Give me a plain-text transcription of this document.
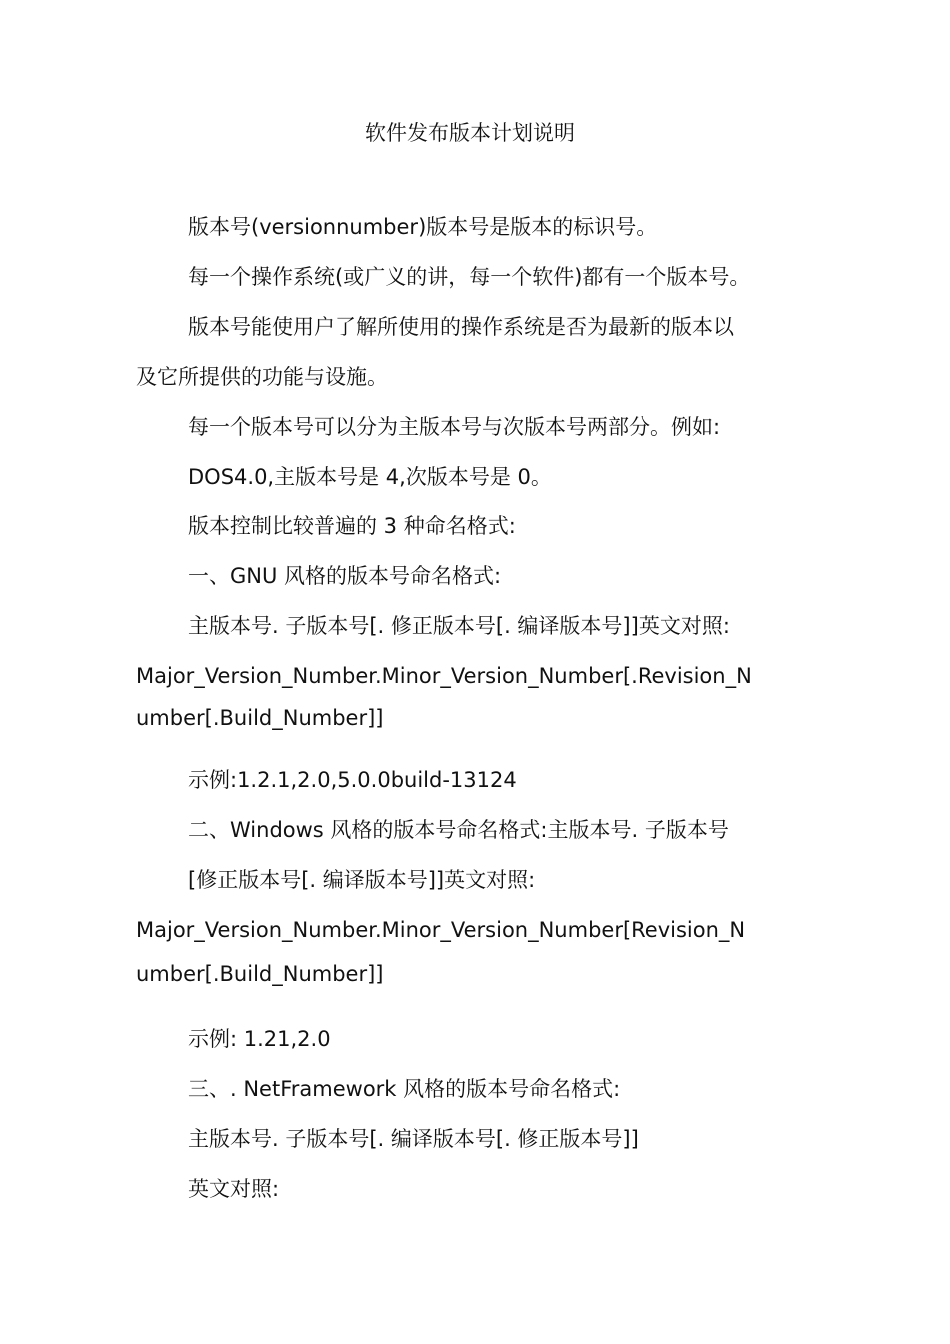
软件发布版本计划说明
版本号(versionnumber)版本号是版本的标识号。
每一个操作系统(或广义的讲，每一个软件)都有一个版本号。
版本号能使用户了解所使用的操作系统是否为最新的版本以
及它所提供的功能与设施。
每一个版本号可以分为主版本号与次版本号两部分。例如:
DOS4.0,主版本号是 4,次版本号是 0。
版本控制比较普遍的 3 种命名格式:
一、GNU 风格的版本号命名格式:
主版本号. 子版本号[. 修正版本号[. 编译版本号]]英文对照:
Major_Version_Number.Minor_Version_Number[.Revision_N
umber[.Build_Number]]
示例:1.2.1,2.0,5.0.0build-13124
二、Windows 风格的版本号命名格式:主版本号. 子版本号
[修正版本号[. 编译版本号]]英文对照:
Major_Version_Number.Minor_Version_Number[Revision_N
umber[.Build_Number]]
示例: 1.21,2.0
三、. NetFramework 风格的版本号命名格式:
主版本号. 子版本号[. 编译版本号[. 修正版本号]]
英文对照:
